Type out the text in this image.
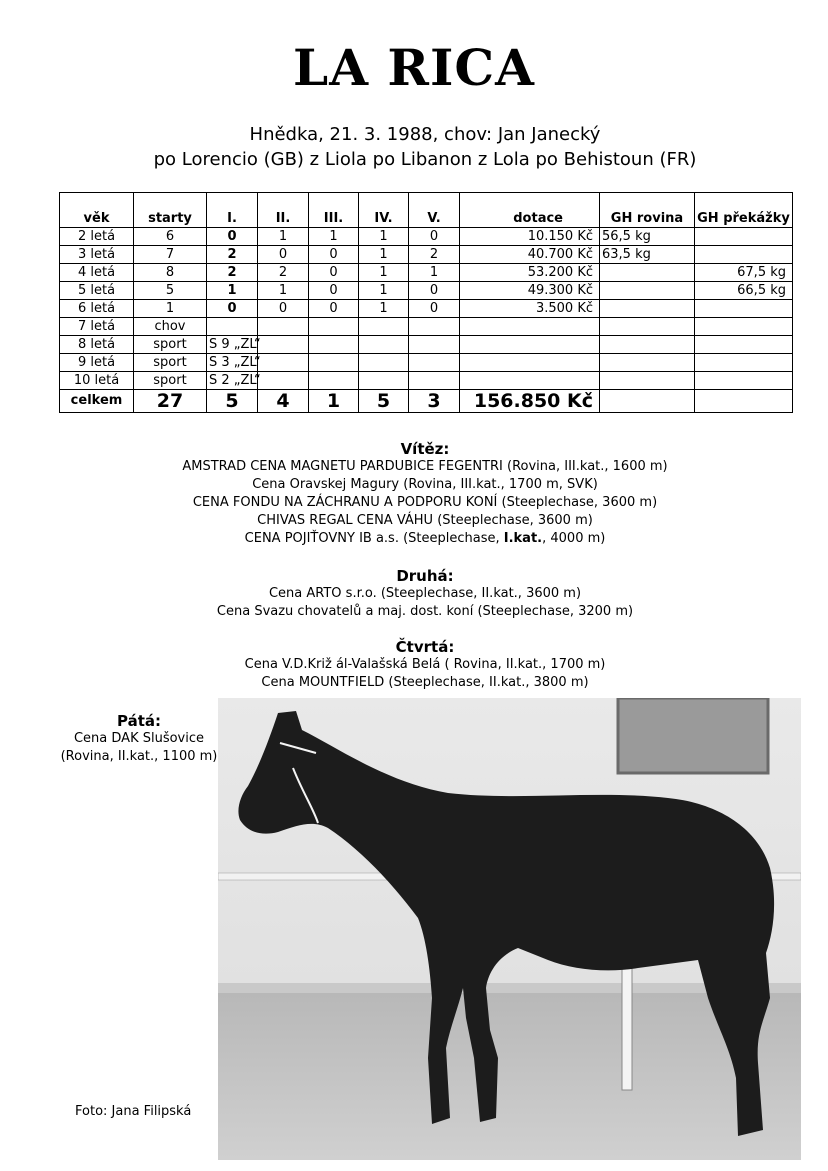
LA RICA
Hnědka, 21. 3. 1988, chov: Jan Janecký
po Lorencio (GB) z Liola po Libanon z Lola po Behistoun (FR)
věk	starty	I.	II.	III.	IV.	V.	dotace	GH rovina	GH překážky
2 letá	6	0	1	1	1	0	10.150 Kč	56,5 kg	
3 letá	7	2	0	0	1	2	40.700 Kč	63,5 kg	
4 letá	8	2	2	0	1	1	53.200 Kč		67,5 kg
5 letá	5	1	1	0	1	0	49.300 Kč		66,5 kg
6 letá	1	0	0	0	1	0	3.500 Kč		
7 letá	chov								
8 letá	sport	S 9 „ZL“							
9 letá	sport	S 3 „ZL“							
10 letá	sport	S 2 „ZL“							
celkem	27	5	4	1	5	3	156.850 Kč		
Vítěz:
AMSTRAD CENA MAGNETU PARDUBICE FEGENTRI (Rovina, III.kat., 1600 m)
Cena Oravskej Magury (Rovina, III.kat., 1700 m, SVK)
CENA FONDU NA ZÁCHRANU A PODPORU KONÍ (Steeplechase, 3600 m)
CHIVAS REGAL CENA VÁHU (Steeplechase, 3600 m)
CENA POJIŤOVNY IB a.s. (Steeplechase, I.kat., 4000 m)
Druhá:
Cena ARTO s.r.o. (Steeplechase, II.kat., 3600 m)
Cena Svazu chovatelů a maj. dost. koní (Steeplechase, 3200 m)
Čtvrtá:
Cena V.D.Križ ál-Valašská Belá ( Rovina, II.kat., 1700 m)
Cena MOUNTFIELD (Steeplechase, II.kat., 3800 m)
Pátá:
Cena DAK Slušovice
(Rovina, II.kat., 1100 m)
Foto: Jana Filipská
